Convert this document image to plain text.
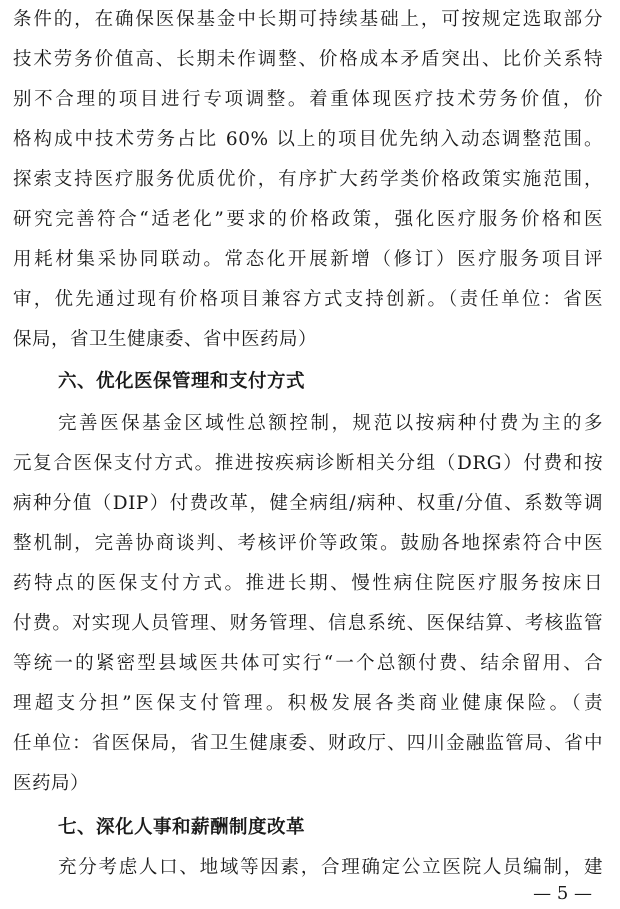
条件的，在确保医保基金中长期可持续基础上，可按规定选取部分
技术劳务价值高、长期未作调整、价格成本矛盾突出、比价关系特
别不合理的项目进行专项调整。着重体现医疗技术劳务价值，价
格构成中技术劳务占比 60% 以上的项目优先纳入动态调整范围。
探索支持医疗服务优质优价，有序扩大药学类价格政策实施范围，
研究完善符合“适老化”要求的价格政策，强化医疗服务价格和医
用耗材集采协同联动。常态化开展新增（修订）医疗服务项目评
审，优先通过现有价格项目兼容方式支持创新。（责任单位：省医
保局，省卫生健康委、省中医药局）
六、优化医保管理和支付方式
完善医保基金区域性总额控制，规范以按病种付费为主的多
元复合医保支付方式。推进按疾病诊断相关分组（DRG）付费和按
病种分值（DIP）付费改革，健全病组/病种、权重/分值、系数等调
整机制，完善协商谈判、考核评价等政策。鼓励各地探索符合中医
药特点的医保支付方式。推进长期、慢性病住院医疗服务按床日
付费。对实现人员管理、财务管理、信息系统、医保结算、考核监管
等统一的紧密型县域医共体可实行“一个总额付费、结余留用、合
理超支分担”医保支付管理。积极发展各类商业健康保险。（责
任单位：省医保局，省卫生健康委、财政厅、四川金融监管局、省中
医药局）
七、深化人事和薪酬制度改革
充分考虑人口、地域等因素，合理确定公立医院人员编制，建
— 5 —
